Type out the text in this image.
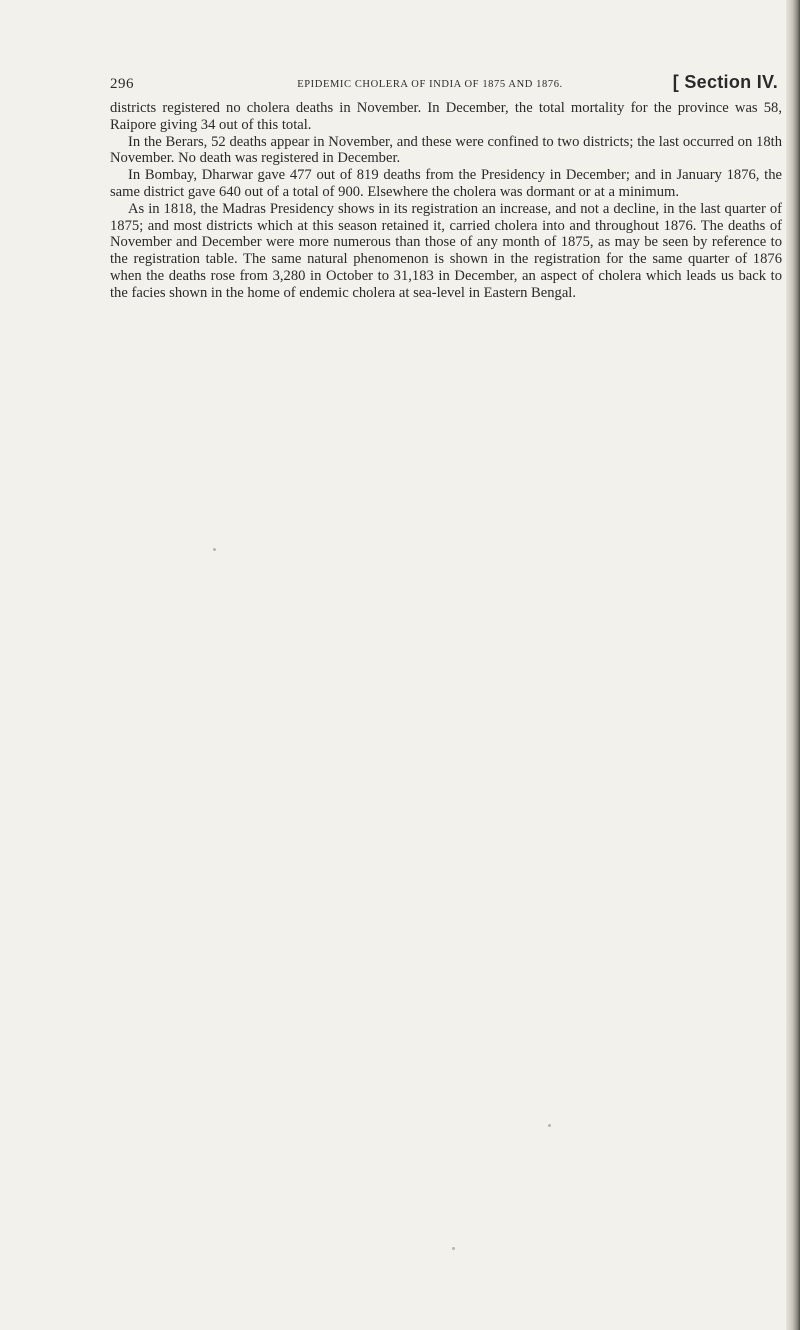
296	EPIDEMIC CHOLERA OF INDIA OF 1875 AND 1876.	[ Section IV.

districts registered no cholera deaths in November. In December, the total mortality for the province was 58, Raipore giving 34 out of this total.

In the Berars, 52 deaths appear in November, and these were confined to two districts; the last occurred on 18th November. No death was registered in December.

In Bombay, Dharwar gave 477 out of 819 deaths from the Presidency in December; and in January 1876, the same district gave 640 out of a total of 900. Elsewhere the cholera was dormant or at a minimum.

As in 1818, the Madras Presidency shows in its registration an increase, and not a decline, in the last quarter of 1875; and most districts which at this season retained it, carried cholera into and throughout 1876. The deaths of November and December were more numerous than those of any month of 1875, as may be seen by reference to the registration table. The same natural phenomenon is shown in the registration for the same quarter of 1876 when the deaths rose from 3,280 in October to 31,183 in December, an aspect of cholera which leads us back to the facies shown in the home of endemic cholera at sea-level in Eastern Bengal.
